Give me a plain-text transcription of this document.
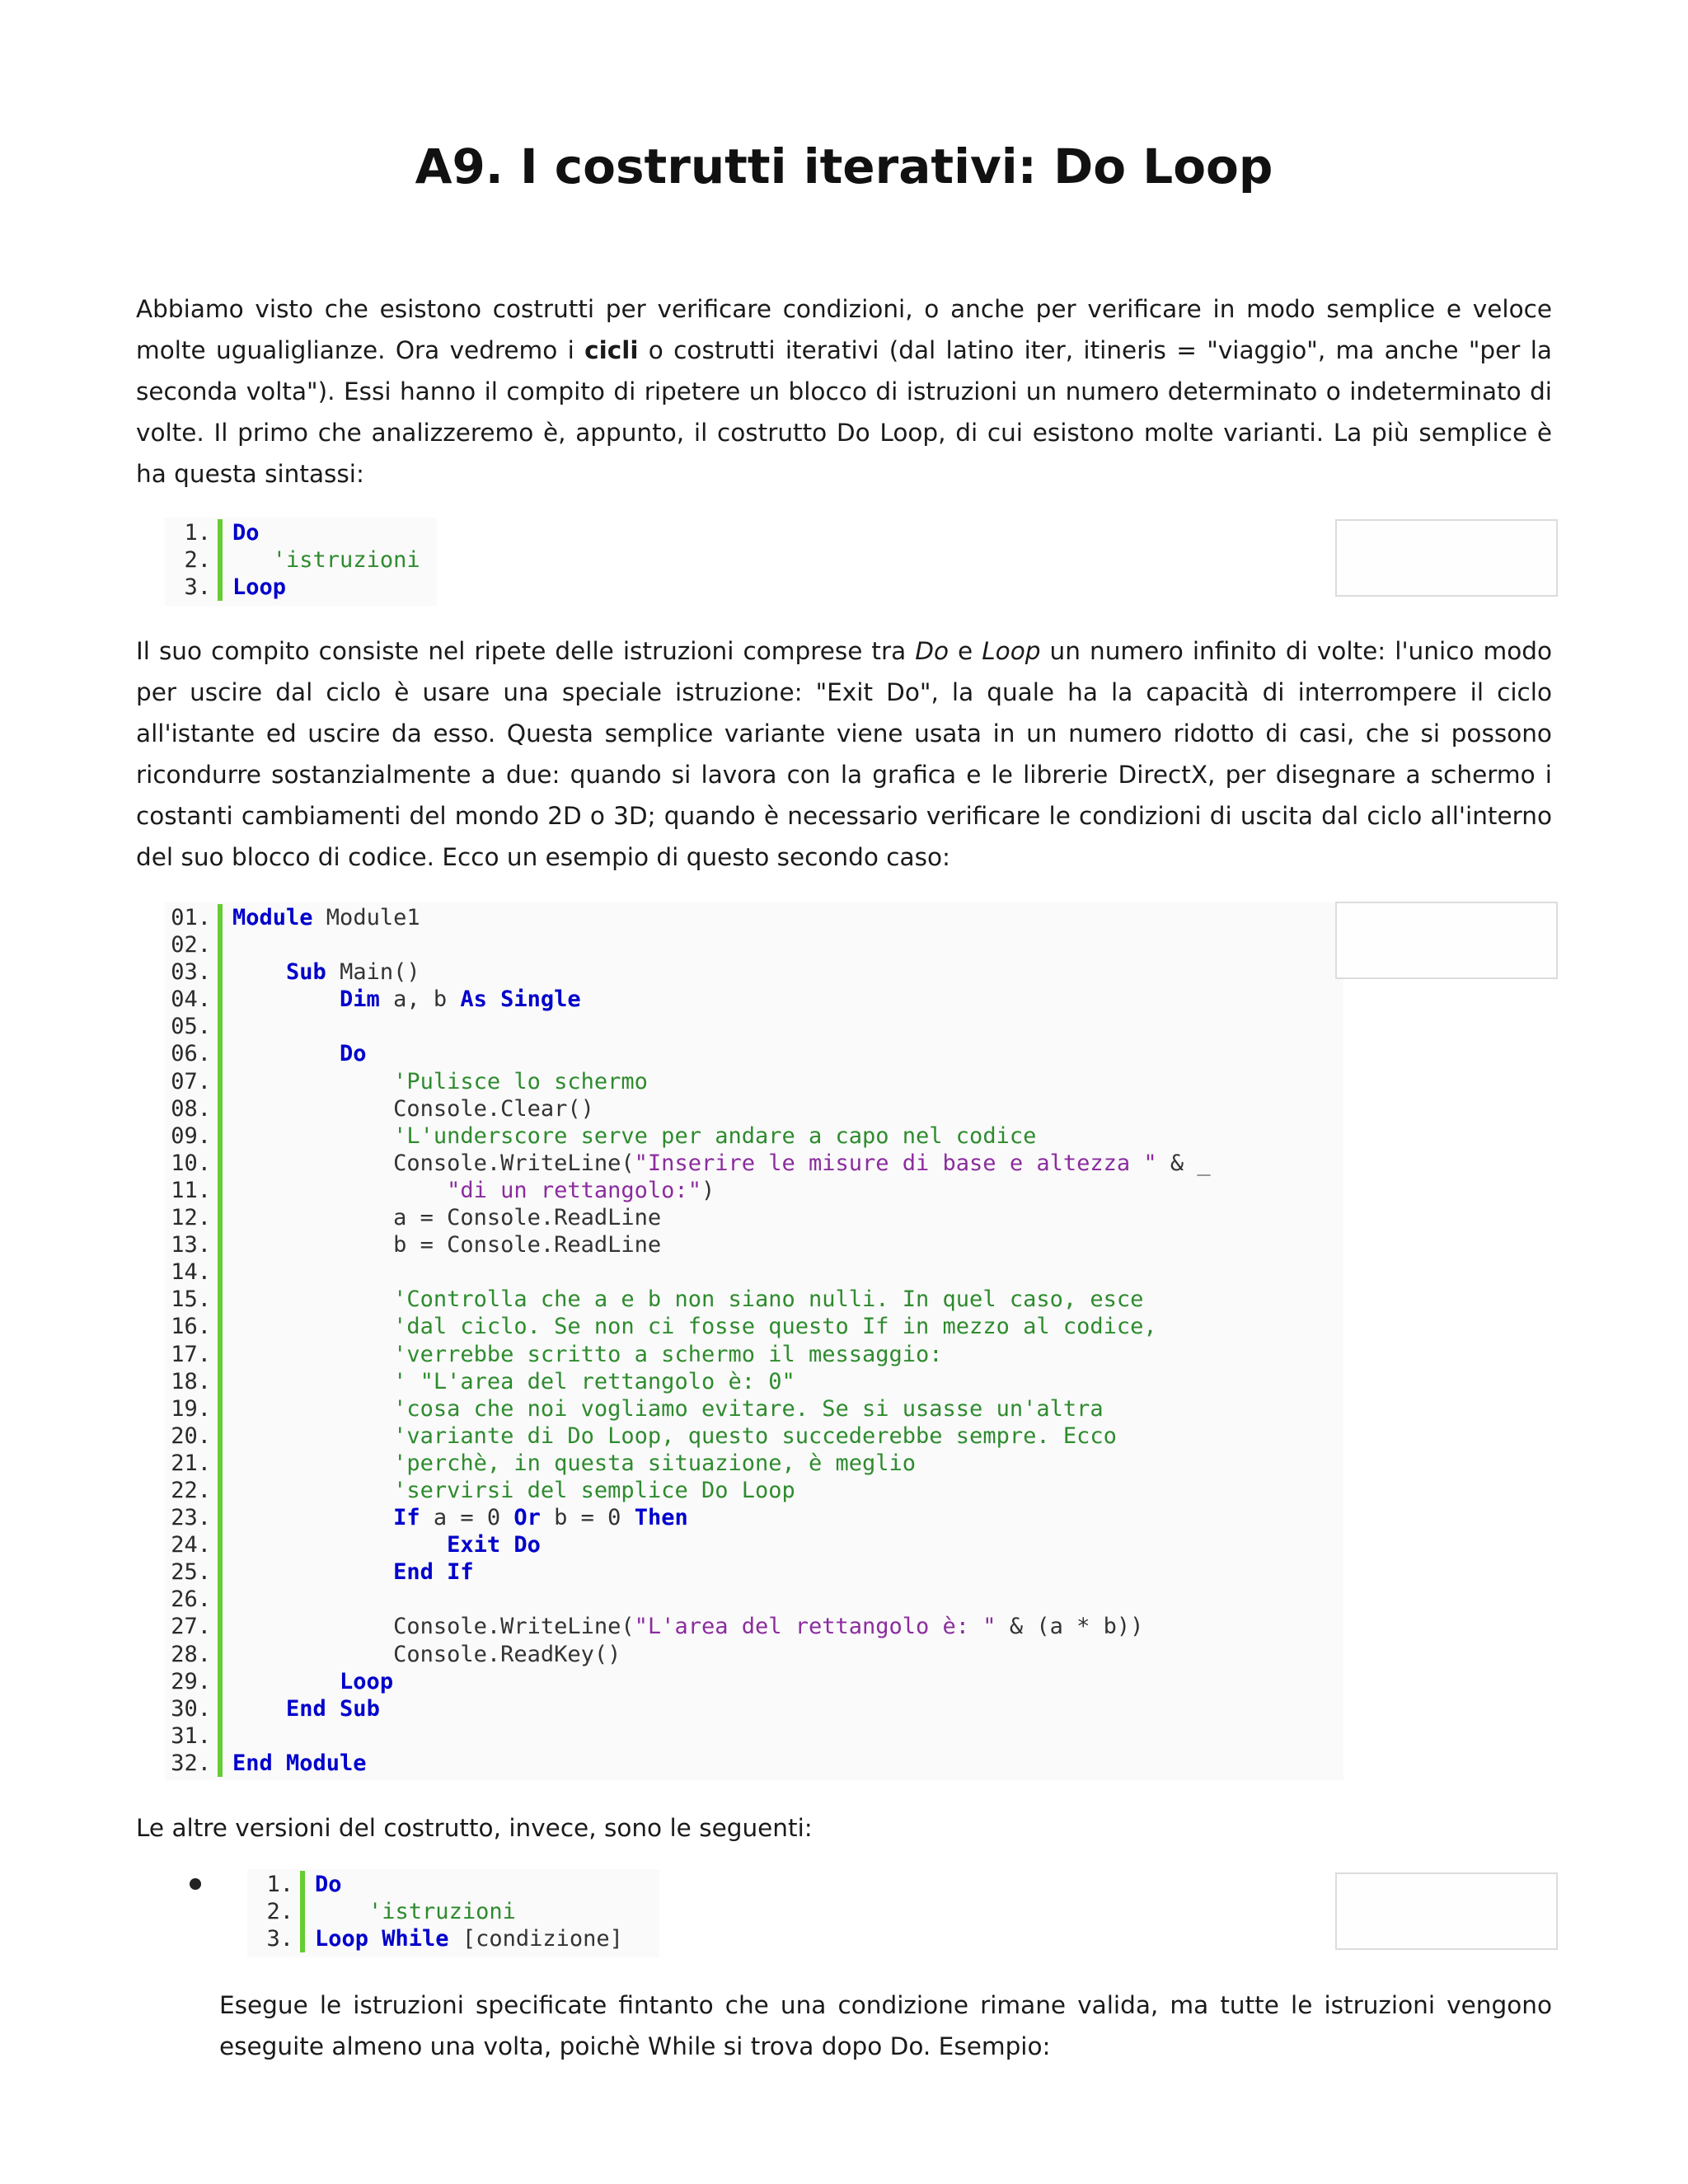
A9. I costrutti iterativi: Do Loop
Abbiamo visto che esistono costrutti per verificare condizioni, o anche per verificare in modo semplice e veloce molte ugualiglianze. Ora vedremo i cicli o costrutti iterativi (dal latino iter, itineris = "viaggio", ma anche "per la seconda volta"). Essi hanno il compito di ripetere un blocco di istruzioni un numero determinato o indeterminato di volte. Il primo che analizzeremo è, appunto, il costrutto Do Loop, di cui esistono molte varianti. La più semplice è ha questa sintassi:
1. Do
2.	'istruzioni
3. Loop
Il suo compito consiste nel ripete delle istruzioni comprese tra Do e Loop un numero infinito di volte: l'unico modo per uscire dal ciclo è usare una speciale istruzione: "Exit Do", la quale ha la capacità di interrompere il ciclo all'istante ed uscire da esso. Questa semplice variante viene usata in un numero ridotto di casi, che si possono ricondurre sostanzialmente a due: quando si lavora con la grafica e le librerie DirectX, per disegnare a schermo i costanti cambiamenti del mondo 2D o 3D; quando è necessario verificare le condizioni di uscita dal ciclo all'interno del suo blocco di codice. Ecco un esempio di questo secondo caso:
01. Module Module1
02.
03.	Sub Main()
04.	Dim a, b As Single
05.
06.	Do
07.	'Pulisce lo schermo
08.            Console.Clear()
09.	'L'underscore serve per andare a capo nel codice
10.            Console.WriteLine("Inserire le misure di base e altezza " & _
11.	"di un rettangolo:")
12.            a = Console.ReadLine
13.            b = Console.ReadLine
14.
15.	'Controlla che a e b non siano nulli. In quel caso, esce
16.	'dal ciclo. Se non ci fosse questo If in mezzo al codice,
17.	'verrebbe scritto a schermo il messaggio:
18.	' "L'area del rettangolo è: 0"
19.	'cosa che noi vogliamo evitare. Se si usasse un'altra
20.	'variante di Do Loop, questo succederebbe sempre. Ecco
21.	'perchè, in questa situazione, è meglio
22.	'servirsi del semplice Do Loop
23.	If a = 0 Or b = 0 Then
24.	Exit Do
25.	End If
26.
27.            Console.WriteLine("L'area del rettangolo è: " & (a * b))
28.            Console.ReadKey()
29.	Loop
30.	End Sub
31.
32. End Module
Le altre versioni del costrutto, invece, sono le seguenti:
1. Do
2.	'istruzioni
3. Loop While [condizione]
Esegue le istruzioni specificate fintanto che una condizione rimane valida, ma tutte le istruzioni vengono eseguite almeno una volta, poichè While si trova dopo Do. Esempio:
